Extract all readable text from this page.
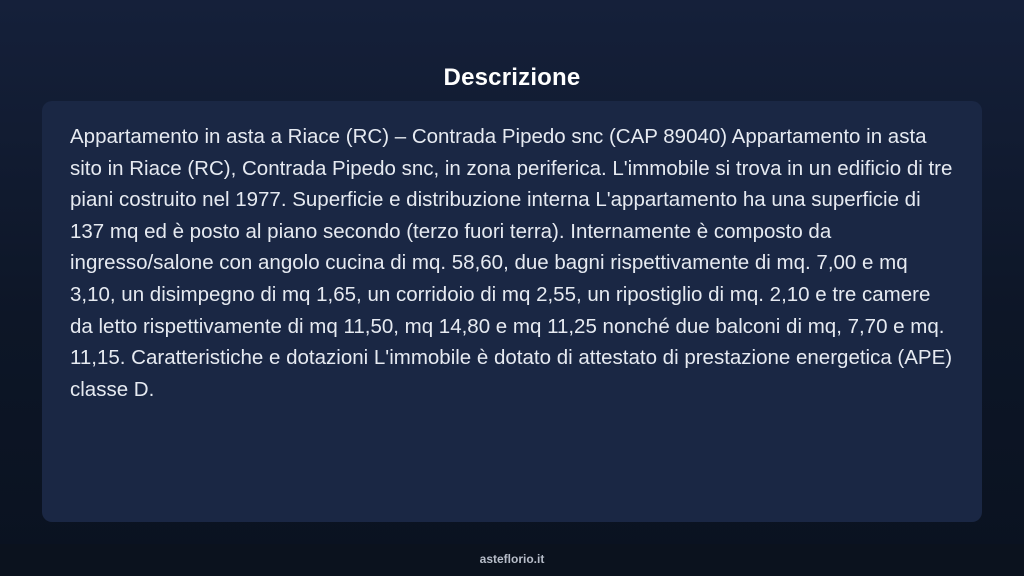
Descrizione

Appartamento in asta a Riace (RC) – Contrada Pipedo snc (CAP 89040) Appartamento in asta sito in Riace (RC), Contrada Pipedo snc, in zona periferica. L'immobile si trova in un edificio di tre piani costruito nel 1977. Superficie e distribuzione interna L'appartamento ha una superficie di 137 mq ed è posto al piano secondo (terzo fuori terra). Internamente è composto da ingresso/salone con angolo cucina di mq. 58,60, due bagni rispettivamente di mq. 7,00 e mq 3,10, un disimpegno di mq 1,65, un corridoio di mq 2,55, un ripostiglio di mq. 2,10 e tre camere da letto rispettivamente di mq 11,50, mq 14,80 e mq 11,25 nonché due balconi di mq, 7,70 e mq. 11,15. Caratteristiche e dotazioni L'immobile è dotato di attestato di prestazione energetica (APE) classe D.

asteflorio.it
